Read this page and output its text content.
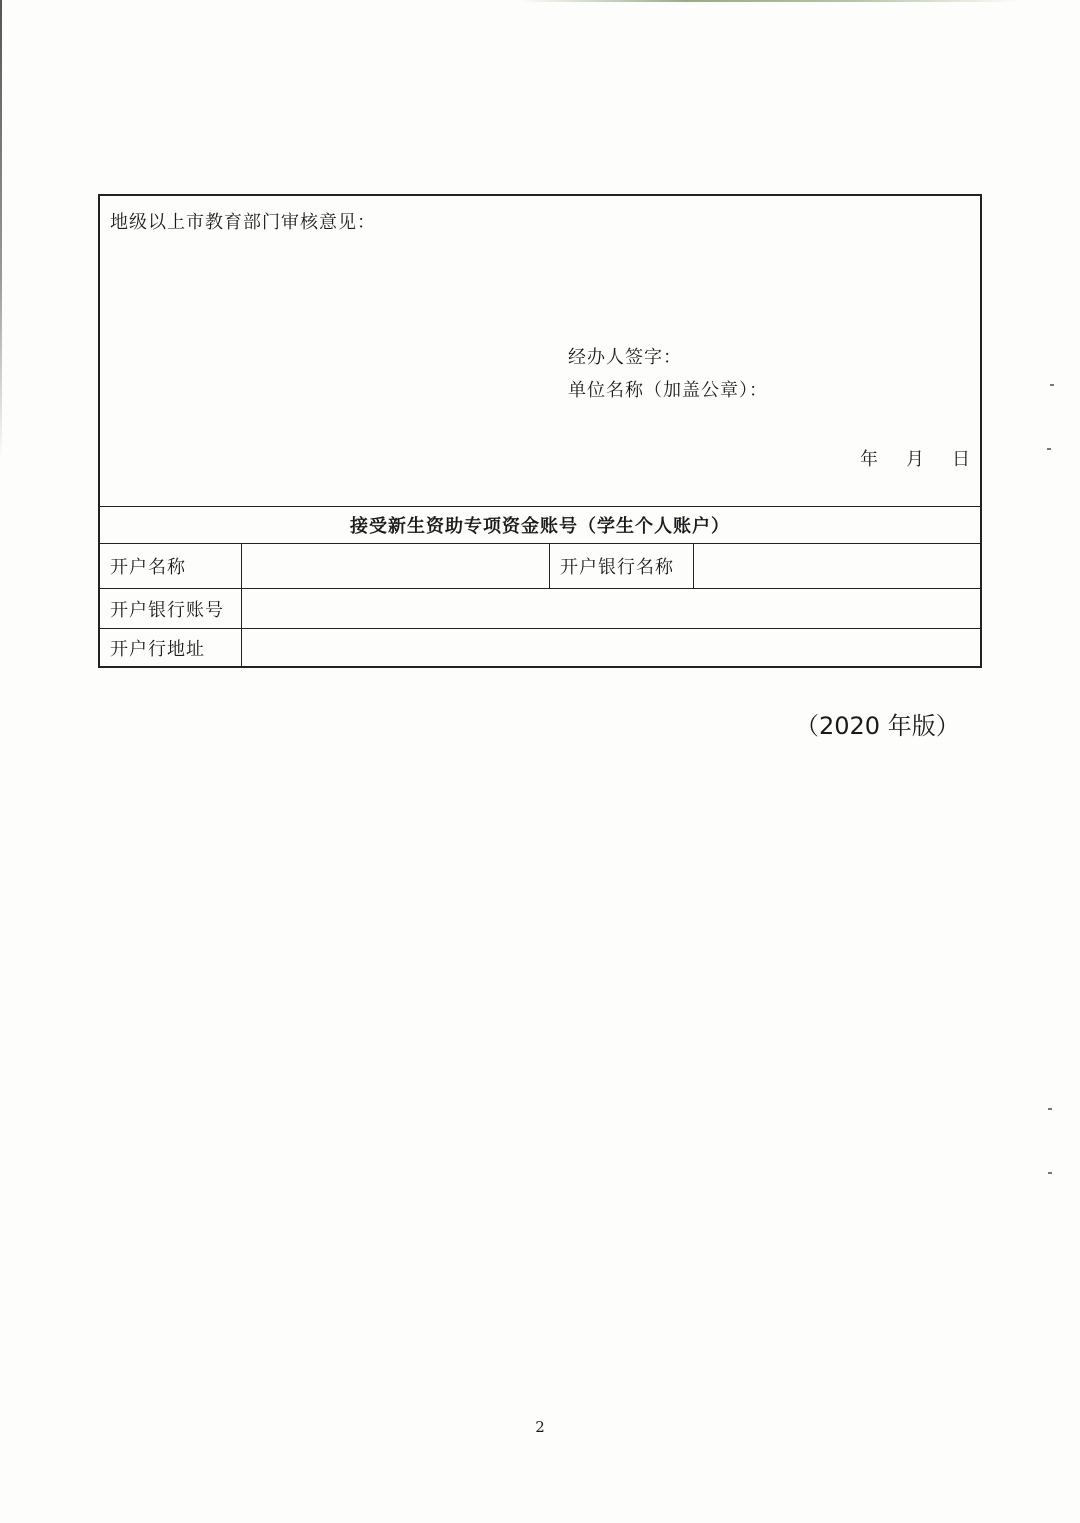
地级以上市教育部门审核意见：
经办人签字：
单位名称（加盖公章）：
年 月 日
接受新生资助专项资金账号（学生个人账户）
开户名称	开户银行名称
开户银行账号
开户行地址
（2020 年版）
2
